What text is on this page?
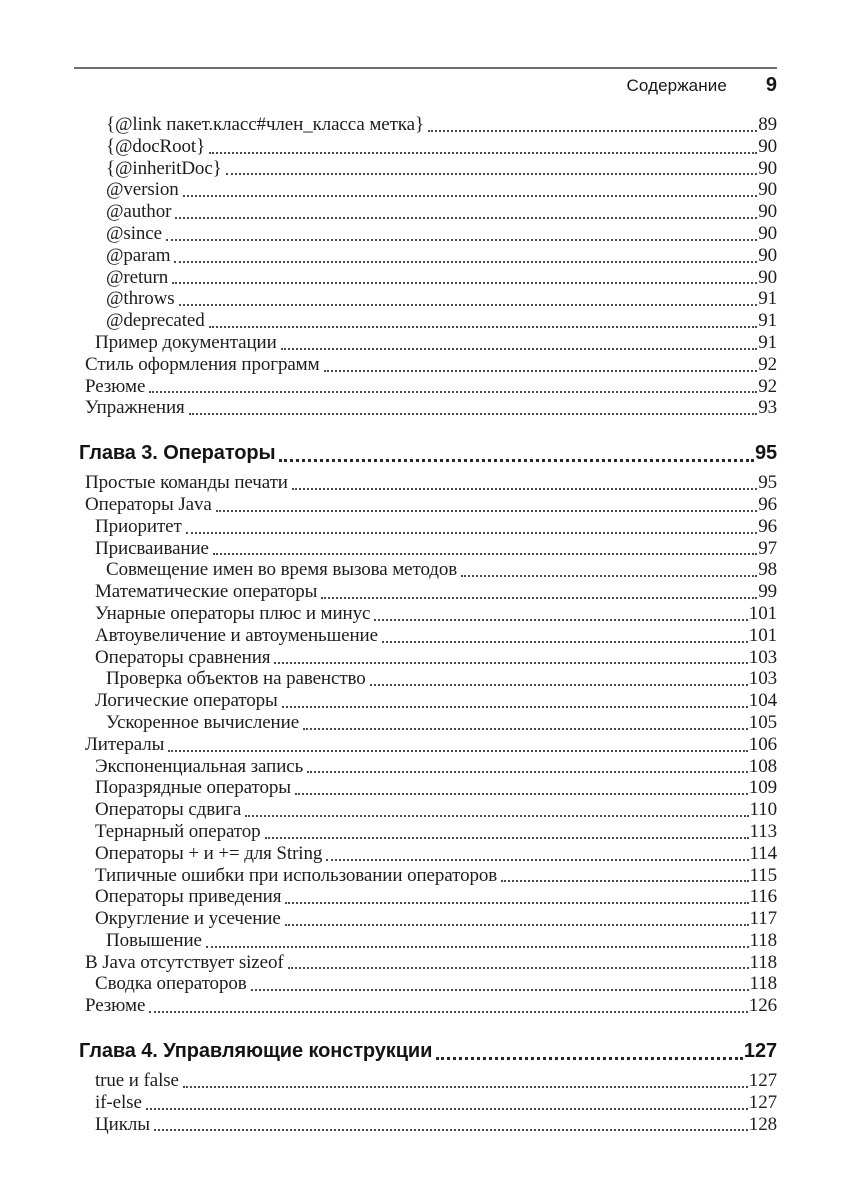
Содержание 9
{@link пакет.класс#член_класса метка}	89
{@docRoot}	90
{@inheritDoc}	90
@version	90
@author	90
@since	90
@param	90
@return	90
@throws	91
@deprecated	91
Пример документации	91
Стиль оформления программ	92
Резюме	92
Упражнения	93
Глава 3. Операторы	95
Простые команды печати	95
Операторы Java	96
Приоритет	96
Присваивание	97
Совмещение имен во время вызова методов	98
Математические операторы	99
Унарные операторы плюс и минус	101
Автоувеличение и автоуменьшение	101
Операторы сравнения	103
Проверка объектов на равенство	103
Логические операторы	104
Ускоренное вычисление	105
Литералы	106
Экспоненциальная запись	108
Поразрядные операторы	109
Операторы сдвига	110
Тернарный оператор	113
Операторы + и += для String	114
Типичные ошибки при использовании операторов	115
Операторы приведения	116
Округление и усечение	117
Повышение	118
В Java отсутствует sizeof	118
Сводка операторов	118
Резюме	126
Глава 4. Управляющие конструкции	127
true и false	127
if-else	127
Циклы	128
